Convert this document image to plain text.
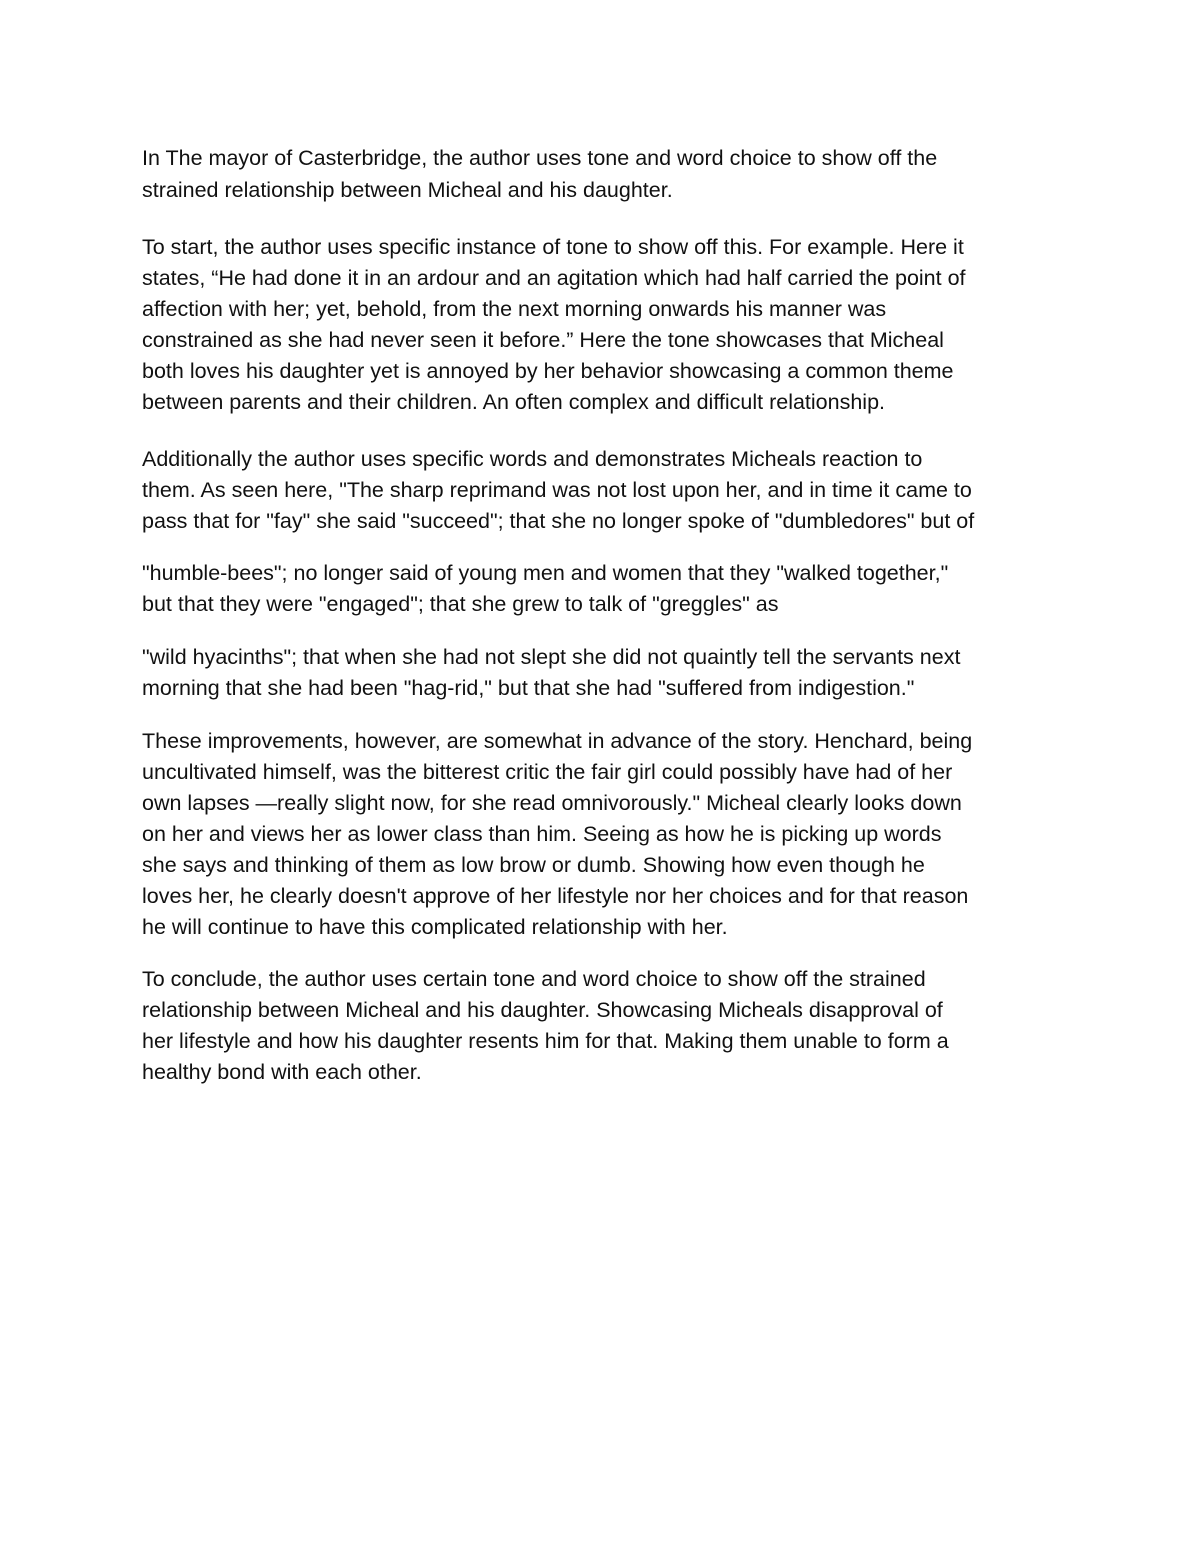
In The mayor of Casterbridge, the author uses tone and word choice to show off the
strained relationship between Micheal and his daughter.

To start, the author uses specific instance of tone to show off this. For example. Here it
states, “He had done it in an ardour and an agitation which had half carried the point of
affection with her; yet, behold, from the next morning onwards his manner was
constrained as she had never seen it before.” Here the tone showcases that Micheal
both loves his daughter yet is annoyed by her behavior showcasing a common theme
between parents and their children. An often complex and difficult relationship.

Additionally the author uses specific words and demonstrates Micheals reaction to
them. As seen here, "The sharp reprimand was not lost upon her, and in time it came to
pass that for "fay" she said "succeed"; that she no longer spoke of "dumbledores" but of

"humble-bees"; no longer said of young men and women that they "walked together,"
but that they were "engaged"; that she grew to talk of "greggles" as

"wild hyacinths"; that when she had not slept she did not quaintly tell the servants next
morning that she had been "hag-rid," but that she had "suffered from indigestion."

These improvements, however, are somewhat in advance of the story. Henchard, being
uncultivated himself, was the bitterest critic the fair girl could possibly have had of her
own lapses —really slight now, for she read omnivorously." Micheal clearly looks down
on her and views her as lower class than him. Seeing as how he is picking up words
she says and thinking of them as low brow or dumb. Showing how even though he
loves her, he clearly doesn't approve of her lifestyle nor her choices and for that reason
he will continue to have this complicated relationship with her.

To conclude, the author uses certain tone and word choice to show off the strained
relationship between Micheal and his daughter. Showcasing Micheals disapproval of
her lifestyle and how his daughter resents him for that. Making them unable to form a
healthy bond with each other.
